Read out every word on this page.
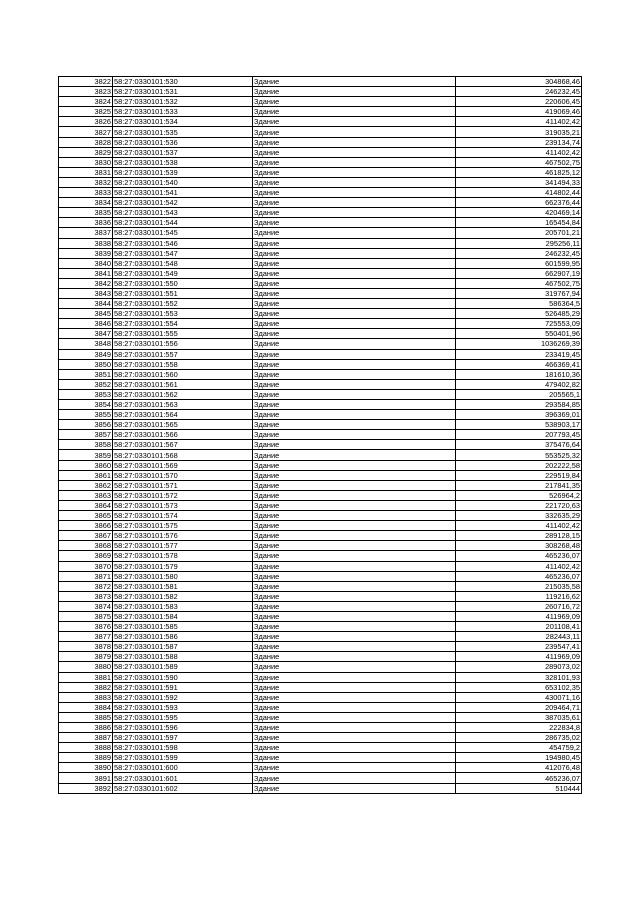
3822	58:27:0330101:530	Здание	304868,46
3823	58:27:0330101:531	Здание	246232,45
3824	58:27:0330101:532	Здание	220606,45
3825	58:27:0330101:533	Здание	419069,46
3826	58:27:0330101:534	Здание	411402,42
3827	58:27:0330101:535	Здание	319035,21
3828	58:27:0330101:536	Здание	239134,74
3829	58:27:0330101:537	Здание	411402,42
3830	58:27:0330101:538	Здание	467502,75
3831	58:27:0330101:539	Здание	461825,12
3832	58:27:0330101:540	Здание	341494,33
3833	58:27:0330101:541	Здание	414802,44
3834	58:27:0330101:542	Здание	662376,44
3835	58:27:0330101:543	Здание	420469,14
3836	58:27:0330101:544	Здание	165454,84
3837	58:27:0330101:545	Здание	205701,21
3838	58:27:0330101:546	Здание	295256,11
3839	58:27:0330101:547	Здание	246232,45
3840	58:27:0330101:548	Здание	601599,95
3841	58:27:0330101:549	Здание	662907,19
3842	58:27:0330101:550	Здание	467502,75
3843	58:27:0330101:551	Здание	319767,94
3844	58:27:0330101:552	Здание	586364,5
3845	58:27:0330101:553	Здание	526485,29
3846	58:27:0330101:554	Здание	725553,09
3847	58:27:0330101:555	Здание	550401,96
3848	58:27:0330101:556	Здание	1036269,39
3849	58:27:0330101:557	Здание	233419,45
3850	58:27:0330101:558	Здание	466369,41
3851	58:27:0330101:560	Здание	181610,36
3852	58:27:0330101:561	Здание	479402,82
3853	58:27:0330101:562	Здание	205565,1
3854	58:27:0330101:563	Здание	293584,85
3855	58:27:0330101:564	Здание	396369,01
3856	58:27:0330101:565	Здание	538903,17
3857	58:27:0330101:566	Здание	207793,45
3858	58:27:0330101:567	Здание	375476,64
3859	58:27:0330101:568	Здание	553525,32
3860	58:27:0330101:569	Здание	202222,58
3861	58:27:0330101:570	Здание	229519,84
3862	58:27:0330101:571	Здание	217841,35
3863	58:27:0330101:572	Здание	526964,2
3864	58:27:0330101:573	Здание	221720,63
3865	58:27:0330101:574	Здание	332635,29
3866	58:27:0330101:575	Здание	411402,42
3867	58:27:0330101:576	Здание	289128,15
3868	58:27:0330101:577	Здание	308268,48
3869	58:27:0330101:578	Здание	465236,07
3870	58:27:0330101:579	Здание	411402,42
3871	58:27:0330101:580	Здание	465236,07
3872	58:27:0330101:581	Здание	215035,58
3873	58:27:0330101:582	Здание	119216,62
3874	58:27:0330101:583	Здание	260716,72
3875	58:27:0330101:584	Здание	411969,09
3876	58:27:0330101:585	Здание	201108,41
3877	58:27:0330101:586	Здание	282443,11
3878	58:27:0330101:587	Здание	239547,41
3879	58:27:0330101:588	Здание	411969,09
3880	58:27:0330101:589	Здание	289073,02
3881	58:27:0330101:590	Здание	328101,93
3882	58:27:0330101:591	Здание	653102,35
3883	58:27:0330101:592	Здание	430071,16
3884	58:27:0330101:593	Здание	209464,71
3885	58:27:0330101:595	Здание	387035,61
3886	58:27:0330101:596	Здание	222834,8
3887	58:27:0330101:597	Здание	286735,02
3888	58:27:0330101:598	Здание	454759,2
3889	58:27:0330101:599	Здание	194980,45
3890	58:27:0330101:600	Здание	412076,48
3891	58:27:0330101:601	Здание	465236,07
3892	58:27:0330101:602	Здание	510444
